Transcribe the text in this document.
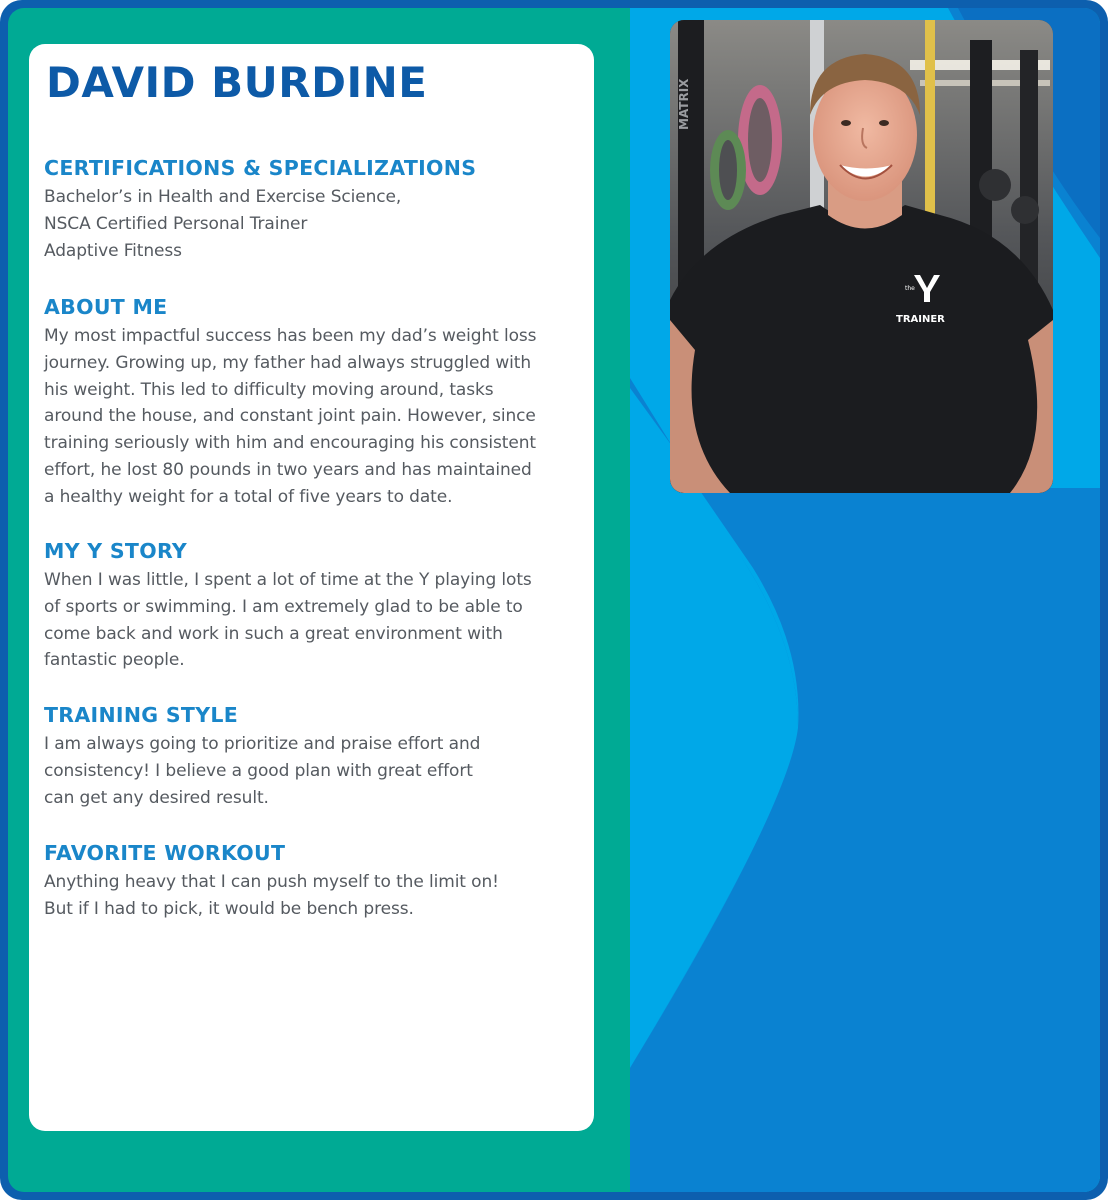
DAVID BURDINE
CERTIFICATIONS & SPECIALIZATIONS

Bachelor’s in Health and Exercise Science,
NSCA Certified Personal Trainer
Adaptive Fitness

ABOUT ME

My most impactful success has been my dad’s weight loss
journey. Growing up, my father had always struggled with
his weight. This led to difficulty moving around, tasks
around the house, and constant joint pain. However, since
training seriously with him and encouraging his consistent
effort, he lost 80 pounds in two years and has maintained
a healthy weight for a total of five years to date.

MY Y STORY

When I was little, I spent a lot of time at the Y playing lots
of sports or swimming. I am extremely glad to be able to
come back and work in such a great environment with
fantastic people.

TRAINING STYLE

I am always going to prioritize and praise effort and
consistency! I believe a good plan with great effort
can get any desired result.

FAVORITE WORKOUT

Anything heavy that I can push myself to the limit on!
But if I had to pick, it would be bench press.

MATRIX
the
TRAINER
